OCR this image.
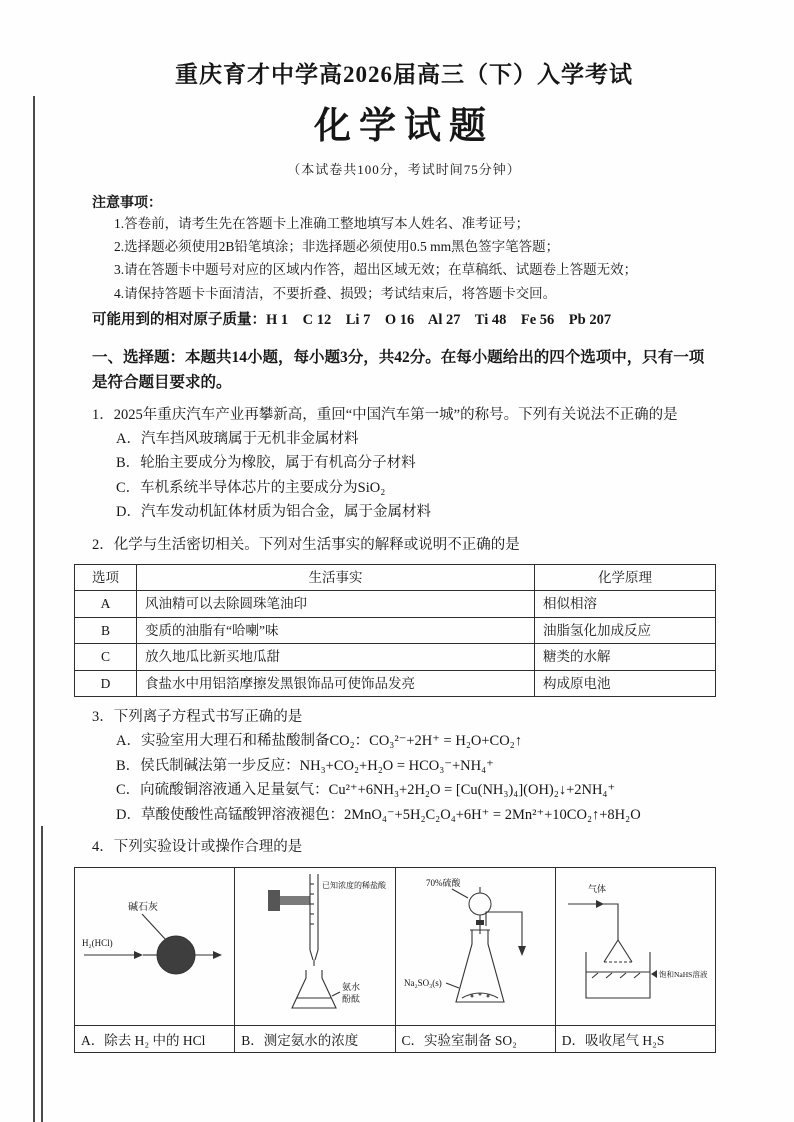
重庆育才中学高2026届高三（下）入学考试
化学试题

（本试卷共100分，考试时间75分钟）

注意事项：

1.答卷前，请考生先在答题卡上准确工整地填写本人姓名、准考证号；

2.选择题必须使用2B铅笔填涂；非选择题必须使用0.5 mm黑色签字笔答题；

3.请在答题卡中题号对应的区域内作答，超出区域无效；在草稿纸、试题卷上答题无效；

4.请保持答题卡卡面清洁，不要折叠、损毁；考试结束后，将答题卡交回。

可能用到的相对原子质量：H 1    C 12    Li 7    O 16    Al 27    Ti 48    Fe 56    Pb 207

一、选择题：本题共14小题，每小题3分，共42分。在每小题给出的四个选项中，只有一项是符合题目要求的。

1．2025年重庆汽车产业再攀新高，重回“中国汽车第一城”的称号。下列有关说法不正确的是

A．汽车挡风玻璃属于无机非金属材料

B．轮胎主要成分为橡胶，属于有机高分子材料

C．车机系统半导体芯片的主要成分为SiO₂

D．汽车发动机缸体材质为铝合金，属于金属材料

2．化学与生活密切相关。下列对生活事实的解释或说明不正确的是

选项	生活事实	化学原理
A	风油精可以去除圆珠笔油印	相似相溶
B	变质的油脂有“哈喇”味	油脂氢化加成反应
C	放久地瓜比新买地瓜甜	糖类的水解
D	食盐水中用铝箔摩擦发黑银饰品可使饰品发亮	构成原电池

3．下列离子方程式书写正确的是

A．实验室用大理石和稀盐酸制备CO₂：CO₃²⁻+2H⁺ = H₂O+CO₂↑

B．侯氏制碱法第一步反应：NH₃+CO₂+H₂O = HCO₃⁻+NH₄⁺

C．向硫酸铜溶液通入足量氨气：Cu²⁺+6NH₃+2H₂O = [Cu(NH₃)₄](OH)₂↓+2NH₄⁺

D．草酸使酸性高锰酸钾溶液褪色：2MnO₄⁻+5H₂C₂O₄+6H⁺ = 2Mn²⁺+10CO₂↑+8H₂O

4．下列实验设计或操作合理的是

碱石灰
H₂(HCl)	已知浓度的稀盐酸
氨水
酚酞	70%硫酸
Na₂SO₃(s)	气体
饱和NaHS溶液

A．除去 H₂ 中的 HCl	B．测定氨水的浓度	C．实验室制备 SO₂	D．吸收尾气 H₂S
